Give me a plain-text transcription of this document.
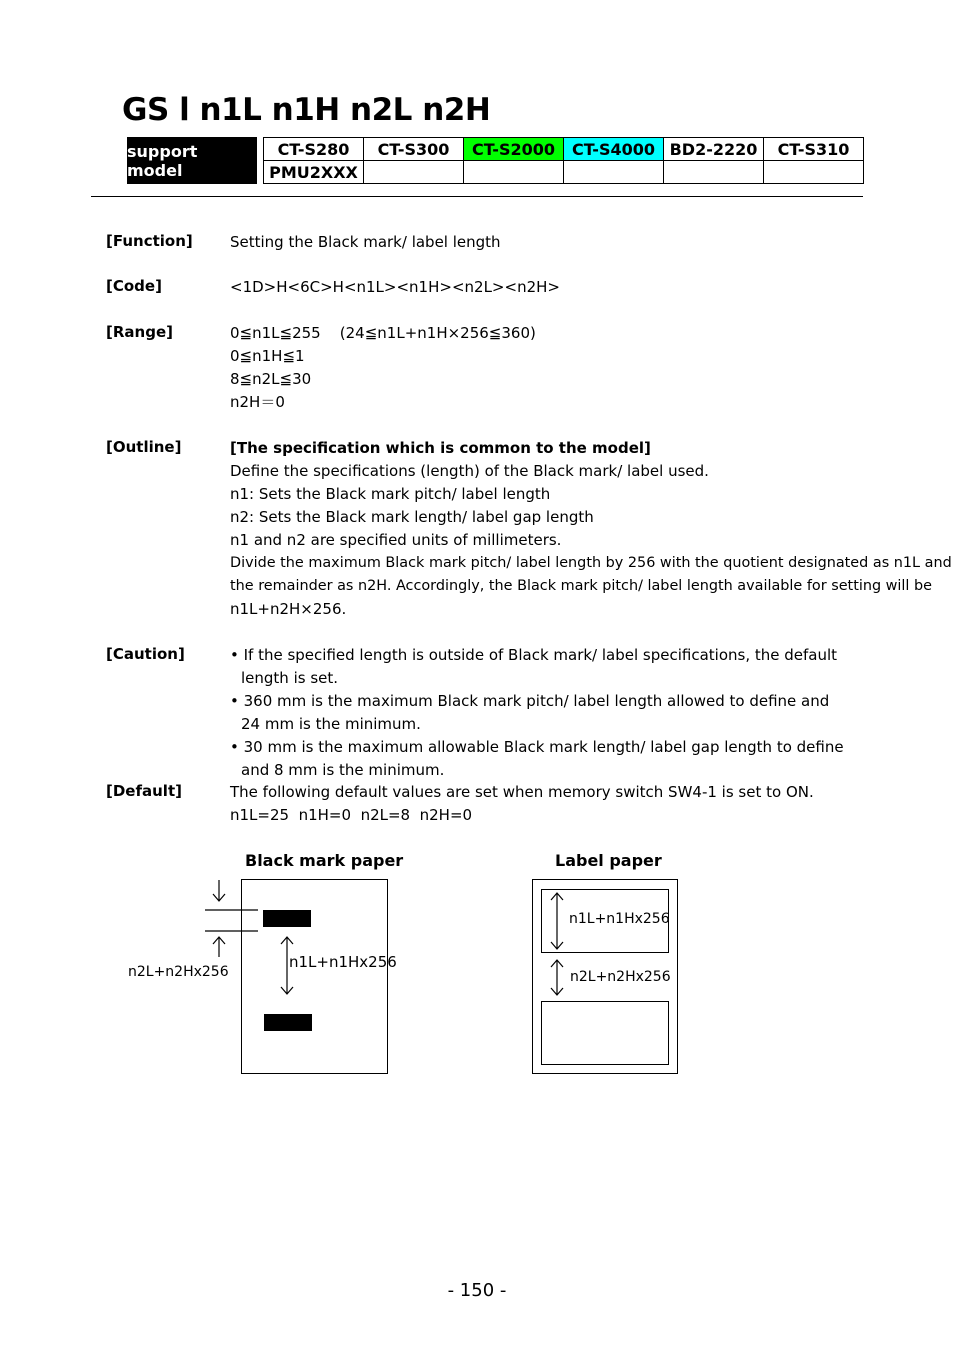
GS l n1L n1H n2L n2H
support model
CT-S280	CT-S300	CT-S2000	CT-S4000	BD2-2220	CT-S310
PMU2XXX					
[Function] Setting the Black mark/ label length
[Code]	<1D>H<6C>H<n1L><n1H><n2L><n2H>
[Range]	0≦n1L≦255    (24≦n1L+n1H×256≦360)
0≦n1H≦1
8≦n2L≦30
n2H＝0
[Outline]	[The specification which is common to the model]
Define the specifications (length) of the Black mark/ label used.
n1: Sets the Black mark pitch/ label length
n2: Sets the Black mark length/ label gap length
n1 and n2 are specified units of millimeters.
Divide the maximum Black mark pitch/ label length by 256 with the quotient designated as n1L and
the remainder as n2H. Accordingly, the Black mark pitch/ label length available for setting will be
n1L+n2H×256.
[Caution]	• If the specified length is outside of Black mark/ label specifications, the default length is set.
• 360 mm is the maximum Black mark pitch/ label length allowed to define and 24 mm is the minimum.
• 30 mm is the maximum allowable Black mark length/ label gap length to define and 8 mm is the minimum.
[Default]	The following default values are set when memory switch SW4-1 is set to ON.
n1L=25  n1H=0  n2L=8  n2H=0
Black mark paper
n1L+n1Hx256
n2L+n2Hx256
Label paper
n1L+n1Hx256
n2L+n2Hx256
- 150 -
